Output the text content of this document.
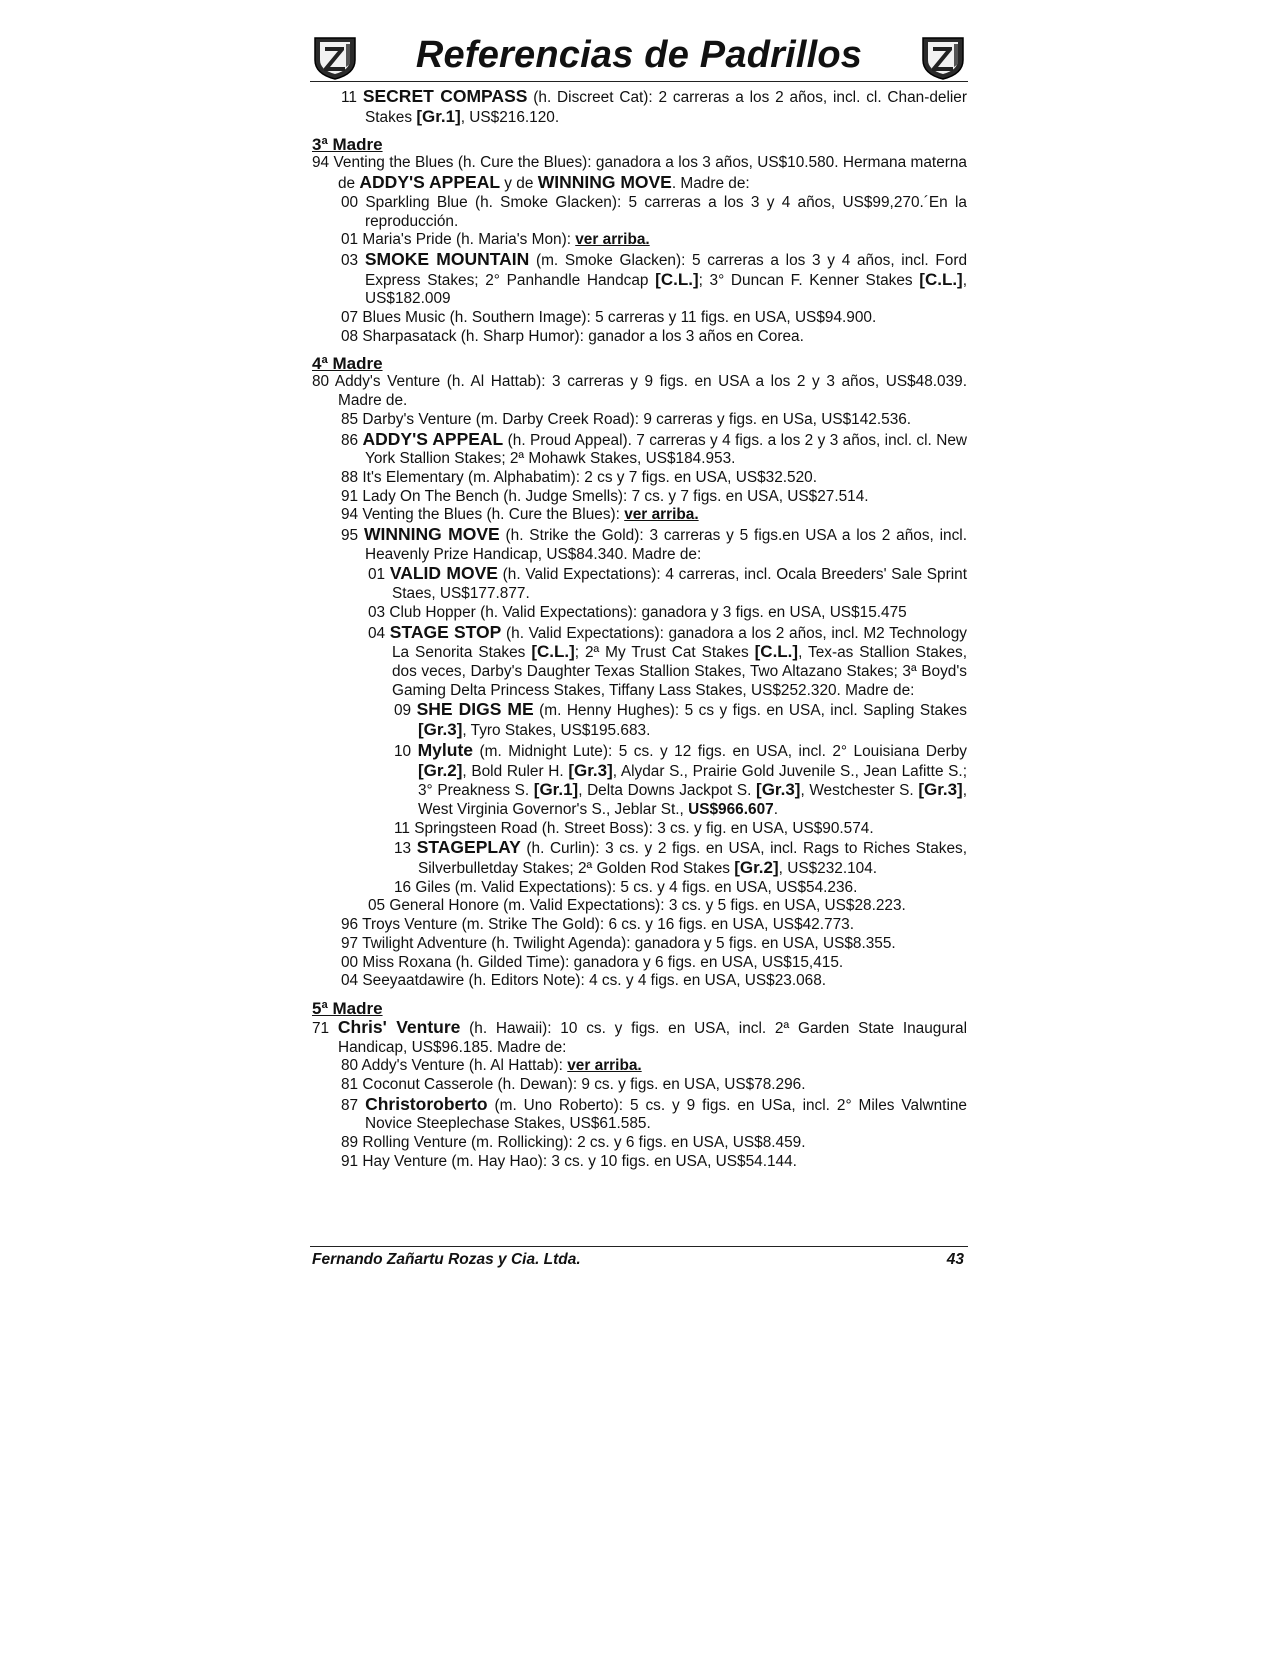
Referencias de Padrillos

11 SECRET COMPASS (h. Discreet Cat): 2 carreras a los 2 años, incl. cl. Chan-delier Stakes [Gr.1], US$216.120.

3ª Madre

94 Venting the Blues (h. Cure the Blues): ganadora a los 3 años, US$10.580. Hermana materna de ADDY'S APPEAL y de WINNING MOVE. Madre de:

00 Sparkling Blue (h. Smoke Glacken): 5 carreras a los 3 y 4 años, US$99,270.´En la reproducción.

01 Maria's Pride (h. Maria's Mon): ver arriba.

03 SMOKE MOUNTAIN (m. Smoke Glacken): 5 carreras a los 3 y 4 años, incl. Ford Express Stakes; 2° Panhandle Handcap [C.L.]; 3° Duncan F. Kenner Stakes [C.L.], US$182.009

07 Blues Music (h. Southern Image): 5 carreras y 11 figs. en USA, US$94.900.

08 Sharpasatack (h. Sharp Humor): ganador a los 3 años en Corea.

4ª Madre

80 Addy's Venture (h. Al Hattab): 3 carreras y 9 figs. en USA a los 2 y 3 años, US$48.039. Madre de.

85 Darby's Venture (m. Darby Creek Road): 9 carreras y figs. en USa, US$142.536.

86 ADDY'S APPEAL (h. Proud Appeal). 7 carreras y 4 figs. a los 2 y 3 años, incl. cl. New York Stallion Stakes; 2ª Mohawk Stakes, US$184.953.

88 It's Elementary (m. Alphabatim): 2 cs y 7 figs. en USA, US$32.520.

91 Lady On The Bench (h. Judge Smells): 7 cs. y 7 figs. en USA, US$27.514.

94 Venting the Blues (h. Cure the Blues): ver arriba.

95 WINNING MOVE (h. Strike the Gold): 3 carreras y 5 figs.en USA a los 2 años, incl. Heavenly Prize Handicap, US$84.340. Madre de:

01 VALID MOVE (h. Valid Expectations): 4 carreras, incl. Ocala Breeders' Sale Sprint Staes, US$177.877.

03 Club Hopper (h. Valid Expectations): ganadora y 3 figs. en USA, US$15.475

04 STAGE STOP (h. Valid Expectations): ganadora a los 2 años, incl. M2 Technology La Senorita Stakes [C.L.]; 2ª My Trust Cat Stakes [C.L.], Tex-as Stallion Stakes, dos veces, Darby's Daughter Texas Stallion Stakes, Two Altazano Stakes; 3ª Boyd's Gaming Delta Princess Stakes, Tiffany Lass Stakes, US$252.320. Madre de:

09 SHE DIGS ME (m. Henny Hughes): 5 cs y figs. en USA, incl. Sapling Stakes [Gr.3], Tyro Stakes, US$195.683.

10 Mylute (m. Midnight Lute): 5 cs. y 12 figs. en USA, incl. 2° Louisiana Derby [Gr.2], Bold Ruler H. [Gr.3], Alydar S., Prairie Gold Juvenile S., Jean Lafitte S.; 3° Preakness S. [Gr.1], Delta Downs Jackpot S. [Gr.3], Westchester S. [Gr.3], West Virginia Governor's S., Jeblar St., US$966.607.

11 Springsteen Road (h. Street Boss): 3 cs. y fig. en USA, US$90.574.

13 STAGEPLAY (h. Curlin): 3 cs. y 2 figs. en USA, incl. Rags to Riches Stakes, Silverbulletday Stakes; 2ª Golden Rod Stakes [Gr.2], US$232.104.

16 Giles (m. Valid Expectations): 5 cs. y 4 figs. en USA, US$54.236.

05 General Honore (m. Valid Expectations): 3 cs. y 5 figs. en USA, US$28.223.

96 Troys Venture (m. Strike The Gold): 6 cs. y 16 figs. en USA, US$42.773.

97 Twilight Adventure (h. Twilight Agenda): ganadora y 5 figs. en USA, US$8.355.

00 Miss Roxana (h. Gilded Time): ganadora y 6 figs. en USA, US$15,415.

04 Seeyaatdawire (h. Editors Note): 4 cs. y 4 figs. en USA, US$23.068.

5ª Madre

71 Chris' Venture (h. Hawaii): 10 cs. y figs. en USA, incl. 2ª Garden State Inaugural Handicap, US$96.185. Madre de:

80 Addy's Venture (h. Al Hattab): ver arriba.

81 Coconut Casserole (h. Dewan): 9 cs. y figs. en USA, US$78.296.

87 Christoroberto (m. Uno Roberto): 5 cs. y 9 figs. en USa, incl. 2° Miles Valwntine Novice Steeplechase Stakes, US$61.585.

89 Rolling Venture (m. Rollicking): 2 cs. y 6 figs. en USA, US$8.459.

91 Hay Venture (m. Hay Hao): 3 cs. y 10 figs. en USA, US$54.144.

Fernando Zañartu Rozas y Cia. Ltda.	43
